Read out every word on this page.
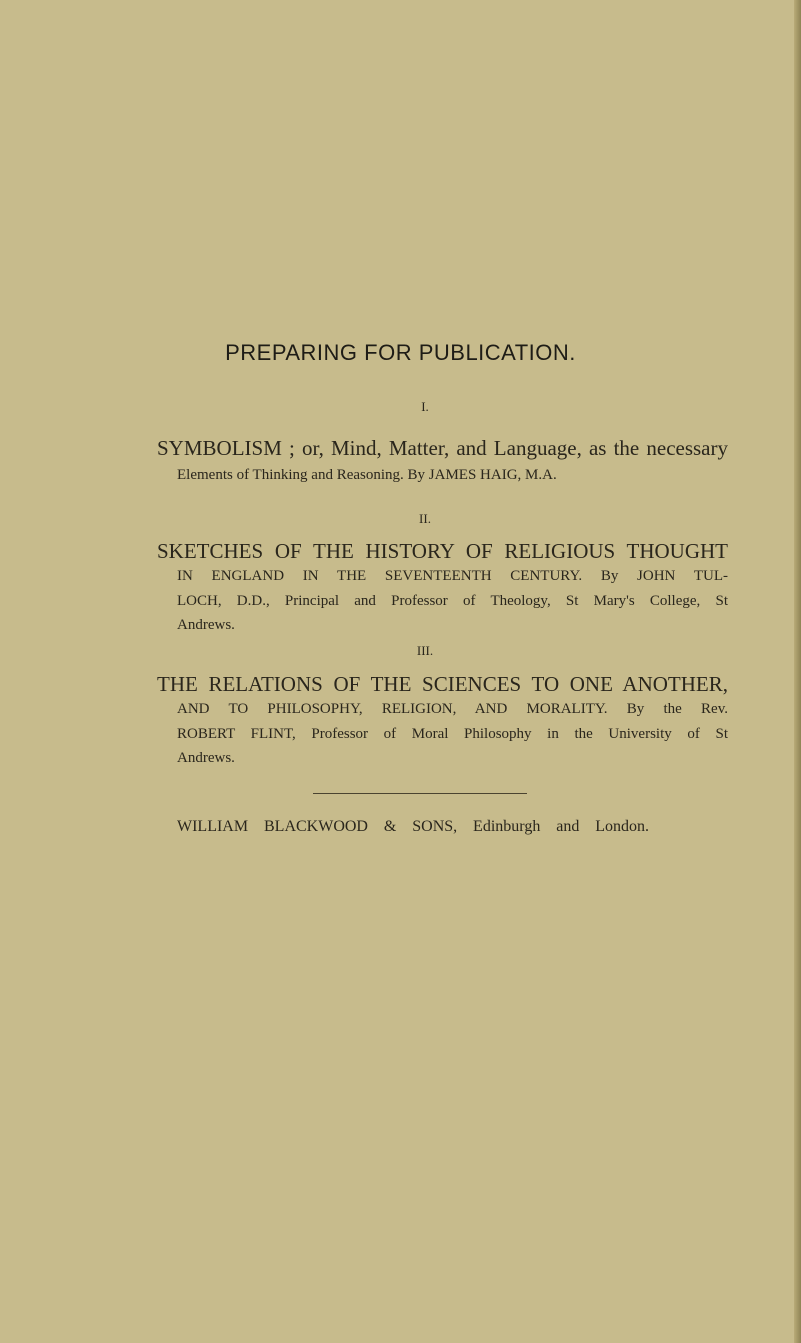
PREPARING FOR PUBLICATION.
I.
SYMBOLISM ; or, Mind, Matter, and Language, as the necessary
Elements of Thinking and Reasoning. By JAMES HAIG, M.A.
II.
SKETCHES OF THE HISTORY OF RELIGIOUS THOUGHT
IN ENGLAND IN THE SEVENTEENTH CENTURY. By JOHN TUL-
LOCH, D.D., Principal and Professor of Theology, St Mary's College, St
Andrews.
III.
THE RELATIONS OF THE SCIENCES TO ONE ANOTHER,
AND TO PHILOSOPHY, RELIGION, AND MORALITY. By the Rev.
ROBERT FLINT, Professor of Moral Philosophy in the University of St
Andrews.
WILLIAM BLACKWOOD & SONS, Edinburgh and London.
